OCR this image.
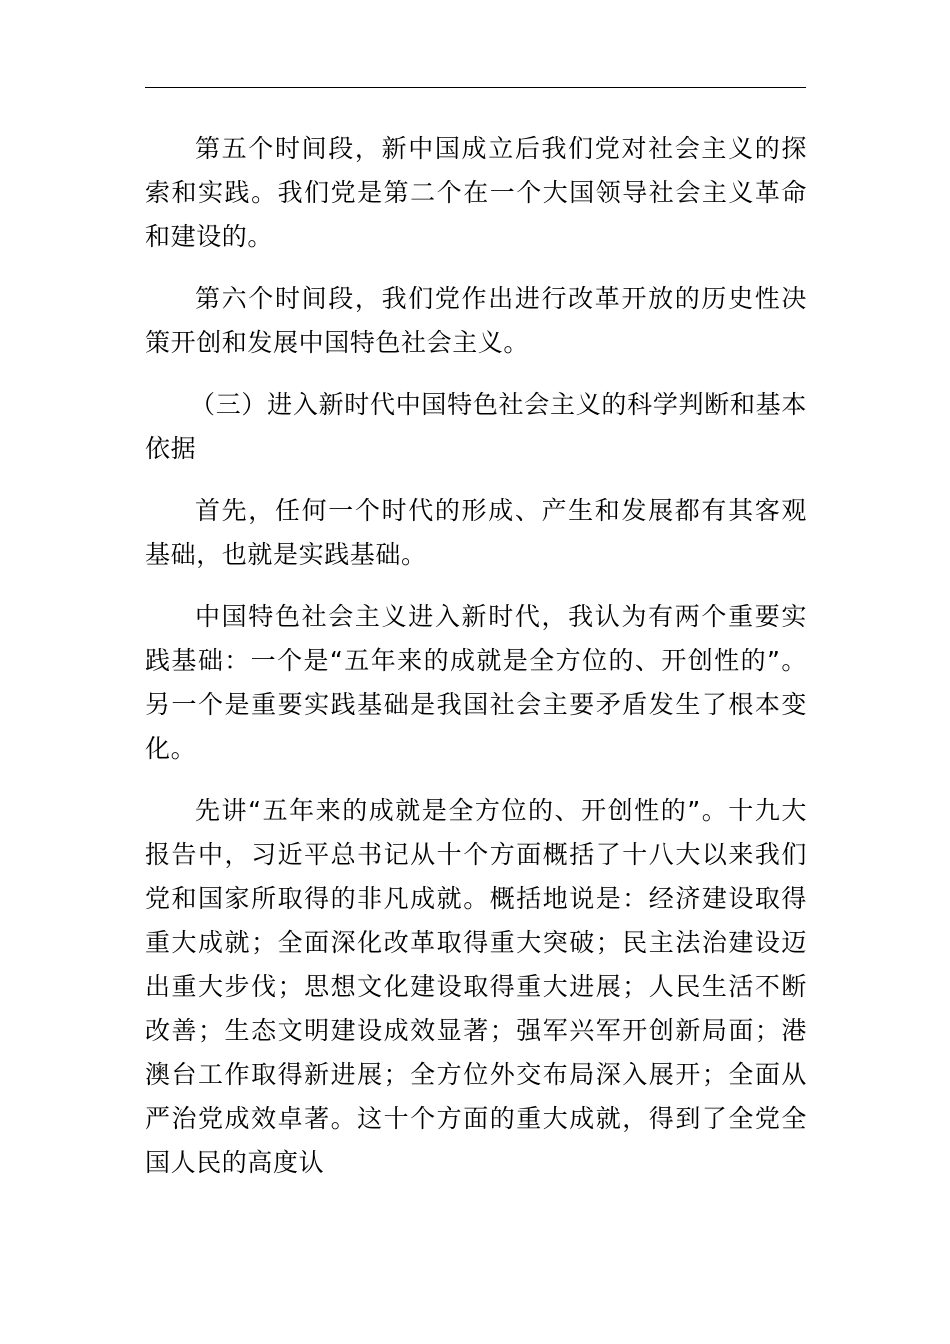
第五个时间段，新中国成立后我们党对社会主义的探索和实践。我们党是第二个在一个大国领导社会主义革命和建设的。

第六个时间段，我们党作出进行改革开放的历史性决策开创和发展中国特色社会主义。

（三）进入新时代中国特色社会主义的科学判断和基本依据

首先，任何一个时代的形成、产生和发展都有其客观基础，也就是实践基础。

中国特色社会主义进入新时代，我认为有两个重要实践基础：一个是“五年来的成就是全方位的、开创性的”。另一个是重要实践基础是我国社会主要矛盾发生了根本变化。

先讲“五年来的成就是全方位的、开创性的”。十九大报告中，习近平总书记从十个方面概括了十八大以来我们党和国家所取得的非凡成就。概括地说是：经济建设取得重大成就；全面深化改革取得重大突破；民主法治建设迈出重大步伐；思想文化建设取得重大进展；人民生活不断改善；生态文明建设成效显著；强军兴军开创新局面；港澳台工作取得新进展；全方位外交布局深入展开；全面从严治党成效卓著。这十个方面的重大成就，得到了全党全国人民的高度认
